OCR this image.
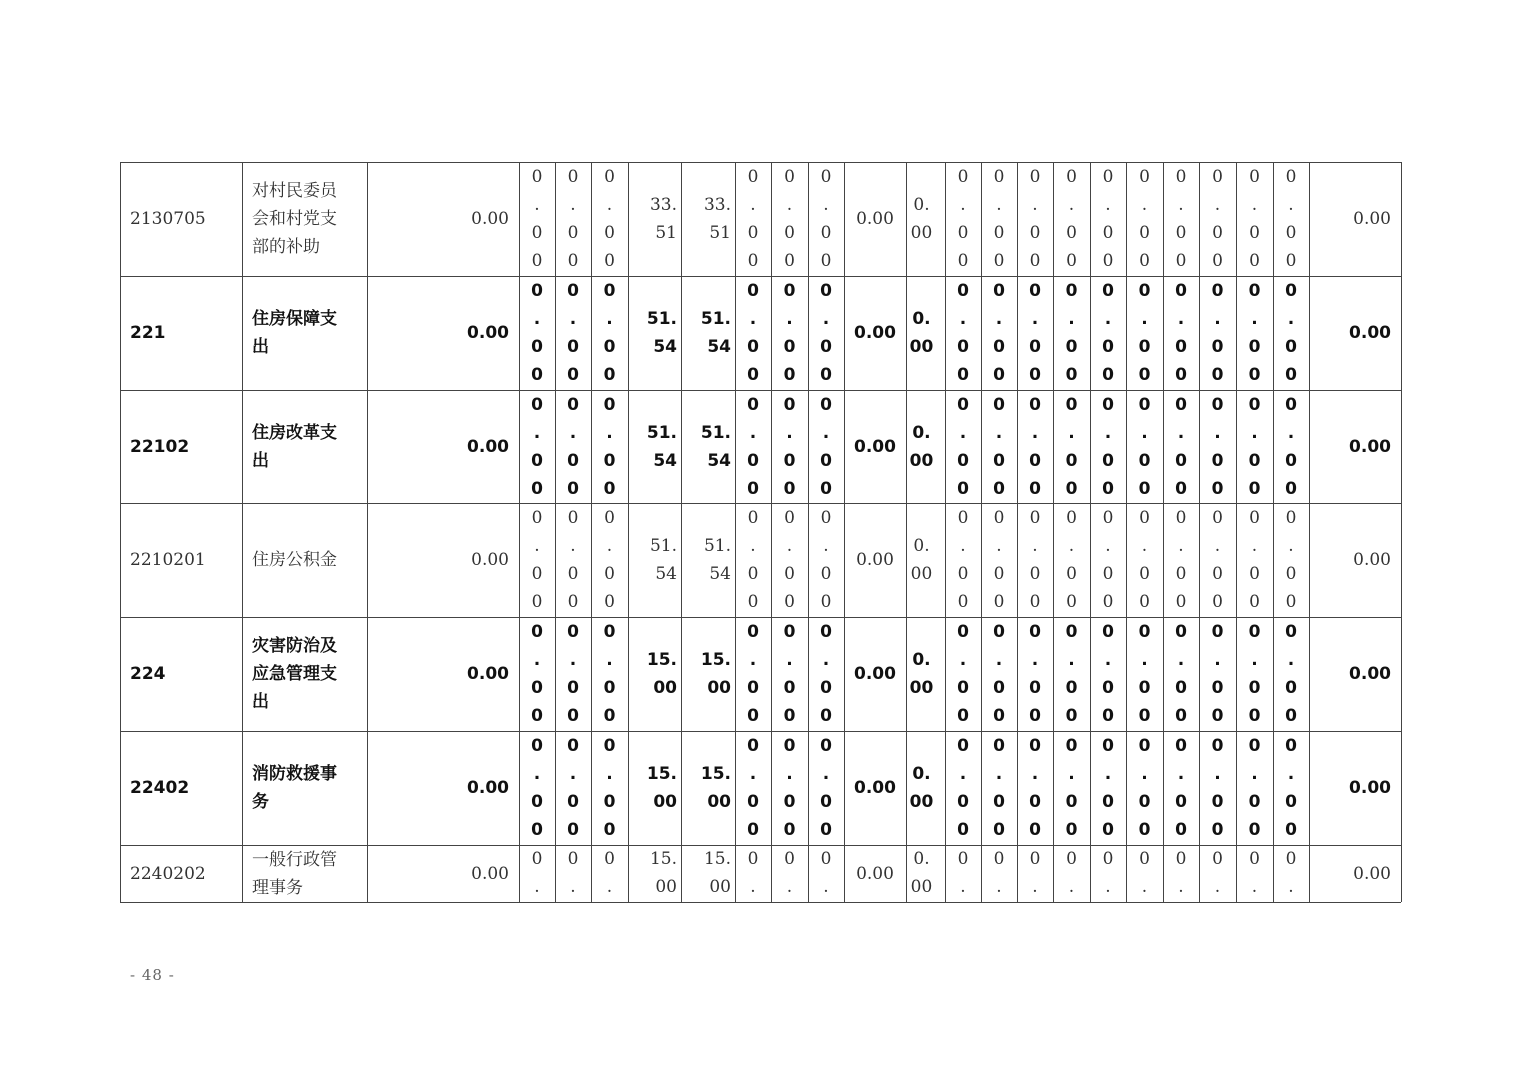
2130705
对村民委员
会和村党支
部的补助
0.00
0
.
0
0
0
.
0
0
0
.
0
0
33.
51
33.
51
0
.
0
0
0
.
0
0
0
.
0
0
0.00
0.
00
0
.
0
0
0
.
0
0
0
.
0
0
0
.
0
0
0
.
0
0
0
.
0
0
0
.
0
0
0
.
0
0
0
.
0
0
0
.
0
0
0.00
221
住房保障支
出
0.00
0
.
0
0
0
.
0
0
0
.
0
0
51.
54
51.
54
0
.
0
0
0
.
0
0
0
.
0
0
0.00
0.
00
0
.
0
0
0
.
0
0
0
.
0
0
0
.
0
0
0
.
0
0
0
.
0
0
0
.
0
0
0
.
0
0
0
.
0
0
0
.
0
0
0.00
22102
住房改革支
出
0.00
0
.
0
0
0
.
0
0
0
.
0
0
51.
54
51.
54
0
.
0
0
0
.
0
0
0
.
0
0
0.00
0.
00
0
.
0
0
0
.
0
0
0
.
0
0
0
.
0
0
0
.
0
0
0
.
0
0
0
.
0
0
0
.
0
0
0
.
0
0
0
.
0
0
0.00
2210201	住房公积金	0.00
0
.
0
0
0
.
0
0
0
.
0
0
51.
54
51.
54
0
.
0
0
0
.
0
0
0
.
0
0
0.00
0.
00
0
.
0
0
0
.
0
0
0
.
0
0
0
.
0
0
0
.
0
0
0
.
0
0
0
.
0
0
0
.
0
0
0
.
0
0
0
.
0
0
0.00
224
灾害防治及
应急管理支
出
0.00
0
.
0
0
0
.
0
0
0
.
0
0
15.
00
15.
00
0
.
0
0
0
.
0
0
0
.
0
0
0.00
0.
00
0
.
0
0
0
.
0
0
0
.
0
0
0
.
0
0
0
.
0
0
0
.
0
0
0
.
0
0
0
.
0
0
0
.
0
0
0
.
0
0
0.00
22402
消防救援事
务
0.00
0
.
0
0
0
.
0
0
0
.
0
0
15.
00
15.
00
0
.
0
0
0
.
0
0
0
.
0
0
0.00
0.
00
0
.
0
0
0
.
0
0
0
.
0
0
0
.
0
0
0
.
0
0
0
.
0
0
0
.
0
0
0
.
0
0
0
.
0
0
0
.
0
0
0.00
2240202
一般行政管
理事务
0.00
0
.
0
.
0
.
15.
00
15.
00
0
.
0
.
0
.
0.00
0.
00
0
.
0
.
0
.
0
.
0
.
0
.
0
.
0
.
0
.
0
.
0.00
- 48 -
